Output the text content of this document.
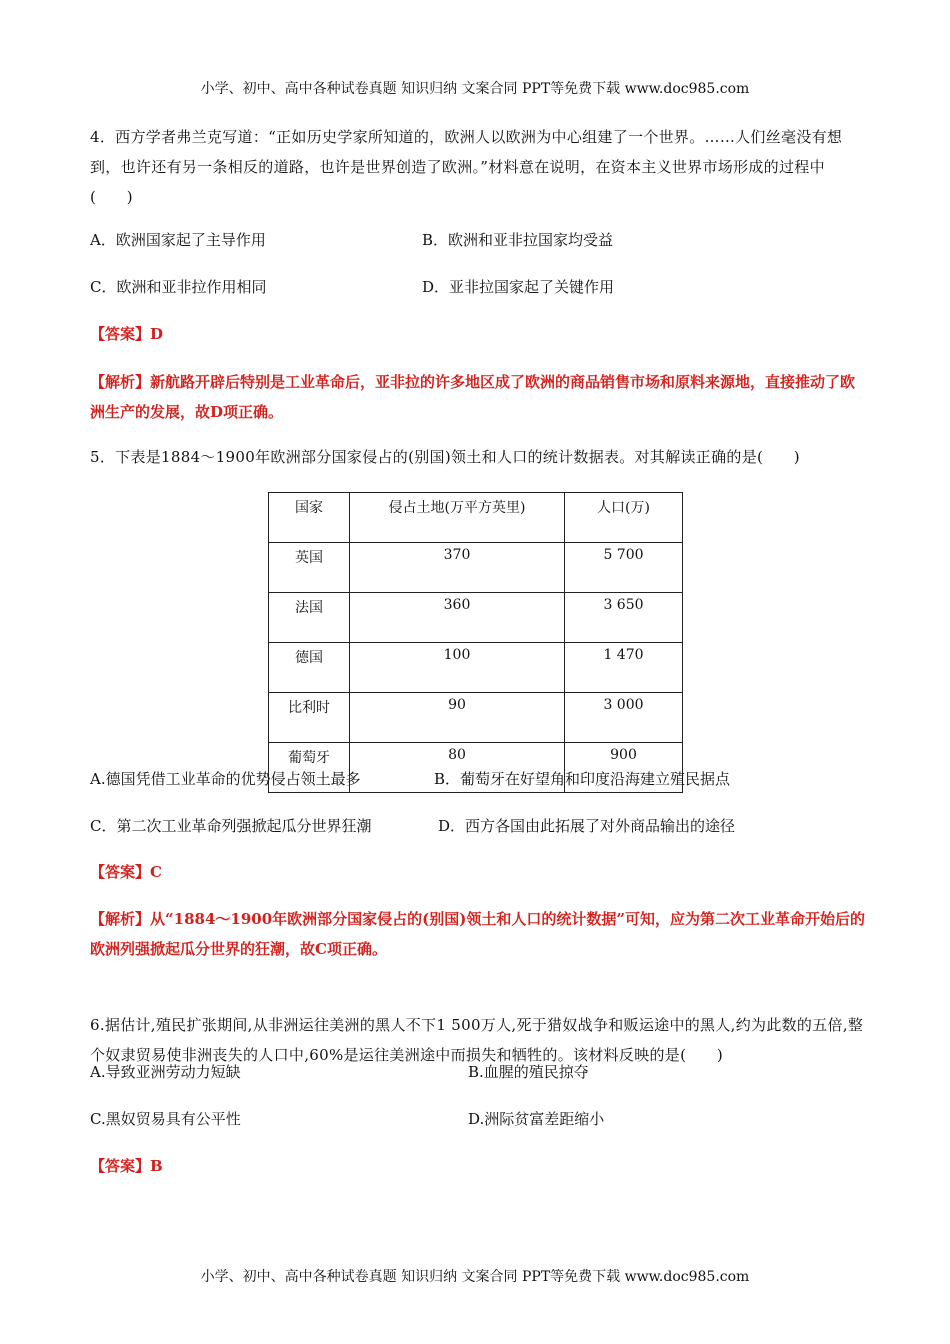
小学、初中、高中各种试卷真题 知识归纳 文案合同 PPT等免费下载 www.doc985.com
4．西方学者弗兰克写道：“正如历史学家所知道的，欧洲人以欧洲为中心组建了一个世界。……人们丝毫没有想到，也许还有另一条相反的道路，也许是世界创造了欧洲。”材料意在说明，在资本主义世界市场形成的过程中(　　)
A．欧洲国家起了主导作用	B．欧洲和亚非拉国家均受益
C．欧洲和亚非拉作用相同	D．亚非拉国家起了关键作用
【答案】D
【解析】新航路开辟后特别是工业革命后，亚非拉的许多地区成了欧洲的商品销售市场和原料来源地，直接推动了欧洲生产的发展，故D项正确。
5．下表是1884～1900年欧洲部分国家侵占的(别国)领土和人口的统计数据表。对其解读正确的是(　　)
国家	侵占土地(万平方英里)	人口(万)
英国	370	5 700
法国	360	3 650
德国	100	1 470
比利时	90	3 000
葡萄牙	80	900
A.德国凭借工业革命的优势侵占领土最多	B．葡萄牙在好望角和印度沿海建立殖民据点
C．第二次工业革命列强掀起瓜分世界狂潮	D．西方各国由此拓展了对外商品输出的途径
【答案】C
【解析】从“1884～1900年欧洲部分国家侵占的(别国)领土和人口的统计数据”可知，应为第二次工业革命开始后的欧洲列强掀起瓜分世界的狂潮，故C项正确。
6.据估计,殖民扩张期间,从非洲运往美洲的黑人不下1 500万人,死于猎奴战争和贩运途中的黑人,约为此数的五倍,整个奴隶贸易使非洲丧失的人口中,60%是运往美洲途中而损失和牺牲的。该材料反映的是(　　)
A.导致亚洲劳动力短缺	B.血腥的殖民掠夺
C.黑奴贸易具有公平性	D.洲际贫富差距缩小
【答案】B
小学、初中、高中各种试卷真题 知识归纳 文案合同 PPT等免费下载 www.doc985.com
